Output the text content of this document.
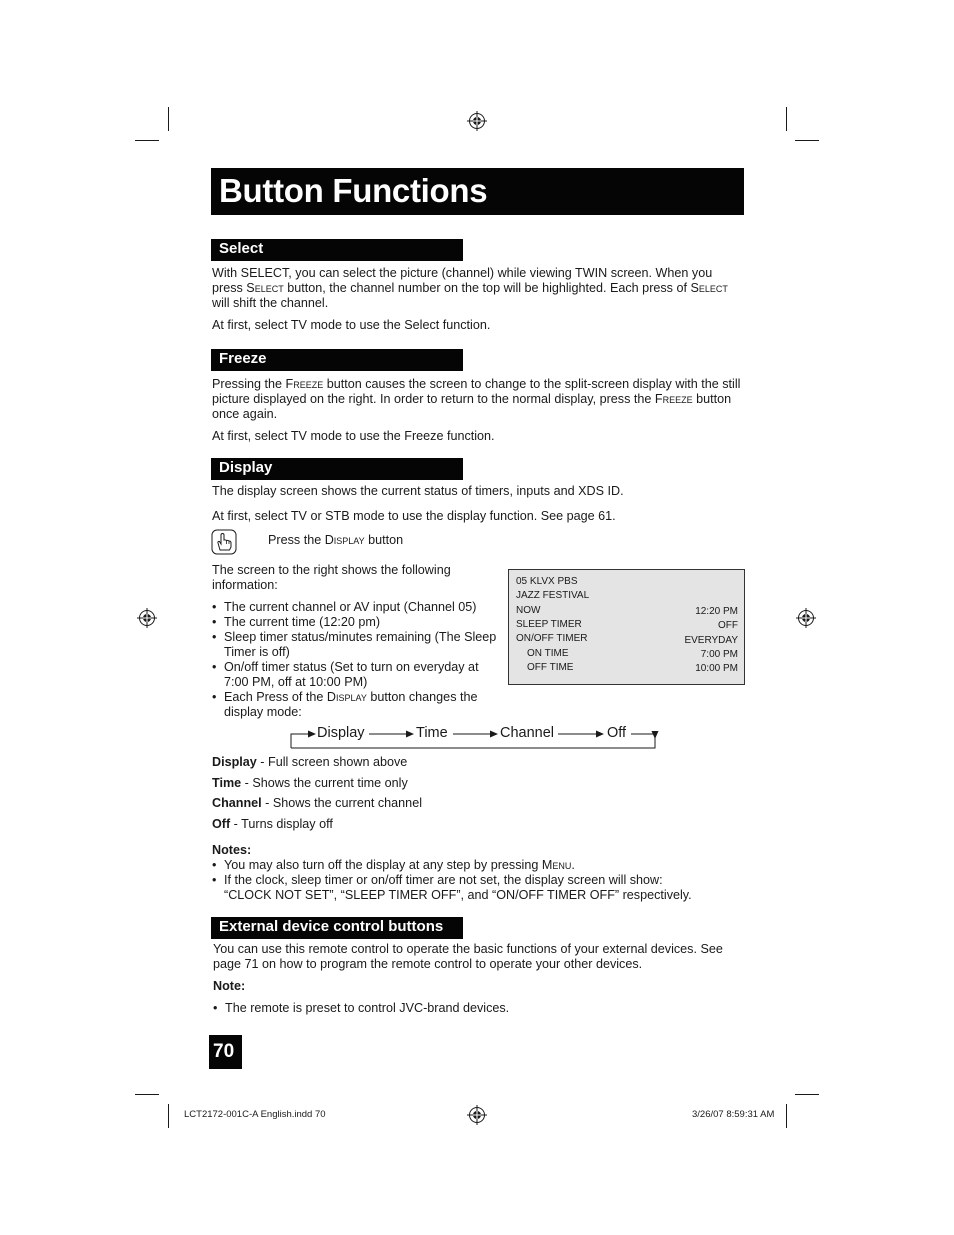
Button Functions
Select
With SELECT, you can select the picture (channel) while viewing TWIN screen. When you
press Select button, the channel number on the top will be highlighted. Each press of Select
will shift the channel.
At first, select TV mode to use the Select function.
Freeze
Pressing the Freeze button causes the screen to change to the split-screen display with the still
picture displayed on the right. In order to return to the normal display, press the Freeze button
once again.
At first, select TV mode to use the Freeze function.
Display
The display screen shows the current status of timers, inputs and XDS ID.
At first, select TV or STB mode to use the display function. See page 61.
Press the Display button
The screen to the right shows the following
information:
• The current channel or AV input (Channel 05)
• The current time (12:20 pm)
• Sleep timer status/minutes remaining (The Sleep
Timer is off)
• On/off timer status (Set to turn on everyday at
7:00 PM, off at 10:00 PM)
• Each Press of the Display button changes the
display mode:
05 KLVX PBS
JAZZ FESTIVAL
NOW	12:20 PM
SLEEP TIMER	OFF
ON/OFF TIMER	EVERYDAY
ON TIME	7:00 PM
OFF TIME	10:00 PM
Display	Time	Channel	Off
Display - Full screen shown above
Time - Shows the current time only
Channel - Shows the current channel
Off - Turns display off
Notes:
• You may also turn off the display at any step by pressing Menu.
• If the clock, sleep timer or on/off timer are not set, the display screen will show:
“CLOCK NOT SET”, “SLEEP TIMER OFF”, and “ON/OFF TIMER OFF” respectively.
External device control buttons
You can use this remote control to operate the basic functions of your external devices. See
page 71 on how to program the remote control to operate your other devices.
Note:
• The remote is preset to control JVC-brand devices.
70
LCT2172-001C-A English.indd 70	3/26/07 8:59:31 AM
